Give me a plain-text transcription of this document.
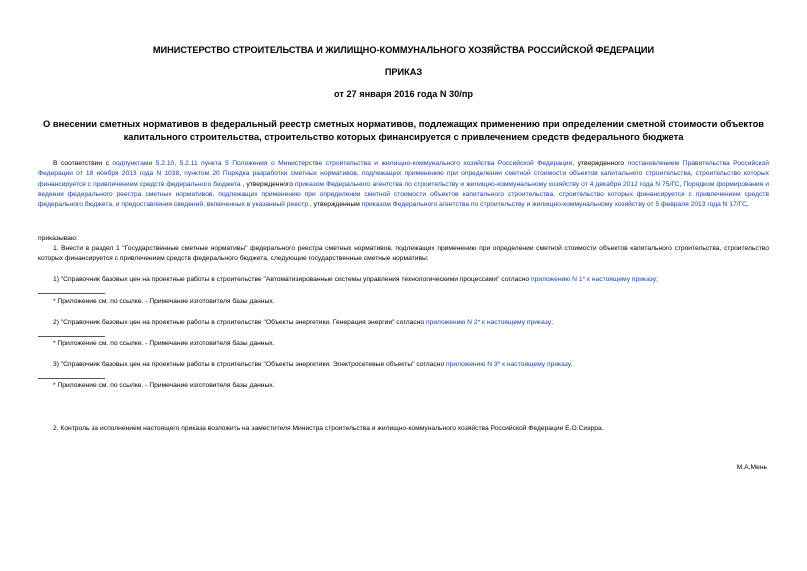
МИНИСТЕРСТВО СТРОИТЕЛЬСТВА И ЖИЛИЩНО-КОММУНАЛЬНОГО ХОЗЯЙСТВА РОССИЙСКОЙ ФЕДЕРАЦИИ
ПРИКАЗ
от 27 января 2016 года N 30/пр
О внесении сметных нормативов в федеральный реестр сметных нормативов, подлежащих применению при определении сметной стоимости объектов
капитального строительства, строительство которых финансируется с привлечением средств федерального бюджета
В соответствии с подпунктами 5.2.10, 5.2.11 пункта 5 Положения о Министерстве строительства и жилищно-коммунального хозяйства Российской Федерации, утвержденного постановлением Правительства Российской Федерации от 18 ноября 2013 года N 1038, пунктом 20 Порядка разработки сметных нормативов, подлежащих применению при определении сметной стоимости объектов капитального строительства, строительство которых финансируется с привлечением средств федерального бюджета , утвержденного приказом Федерального агентства по строительству и жилищно-коммунальному хозяйству от 4 декабря 2012 года N 75/ГС, Порядком формирования и ведения федерального реестра сметных нормативов, подлежащих применению при определении сметной стоимости объектов капитального строительства, строительство которых финансируется с привлечением средств федерального бюджета, и предоставления сведений, включенных в указанный реестр , утвержденным приказом Федерального агентства по строительству и жилищно-коммунальному хозяйству от 5 февраля 2013 года N 17/ГС,
приказываю:
1. Внести в раздел 1 "Государственные сметные нормативы" федерального реестра сметных нормативов, подлежащих применению при определении сметной стоимости объектов капитального строительства, строительство которых финансируется с привлечением средств федерального бюджета, следующие государственные сметные нормативы:
1) "Справочник базовых цен на проектные работы в строительстве "Автоматизированные системы управления технологическими процессами" согласно приложению N 1* к настоящему приказу;
* Приложение см. по ссылке. - Примечание изготовителя базы данных.
2) "Справочник базовых цен на проектные работы в строительстве "Объекты энергетики. Генерация энергии" согласно приложению N 2* к настоящему приказу;
* Приложение см. по ссылке. - Примечание изготовителя базы данных.
3) "Справочник базовых цен на проектные работы в строительстве "Объекты энергетики. Электросетевые объекты" согласно приложению N 3* к настоящему приказу.
* Приложение см. по ссылке. - Примечание изготовителя базы данных.
2. Контроль за исполнением настоящего приказа возложить на заместителя Министра строительства и жилищно-коммунального хозяйства Российской Федерации Е.О.Сиэрра.
М.А.Мень
